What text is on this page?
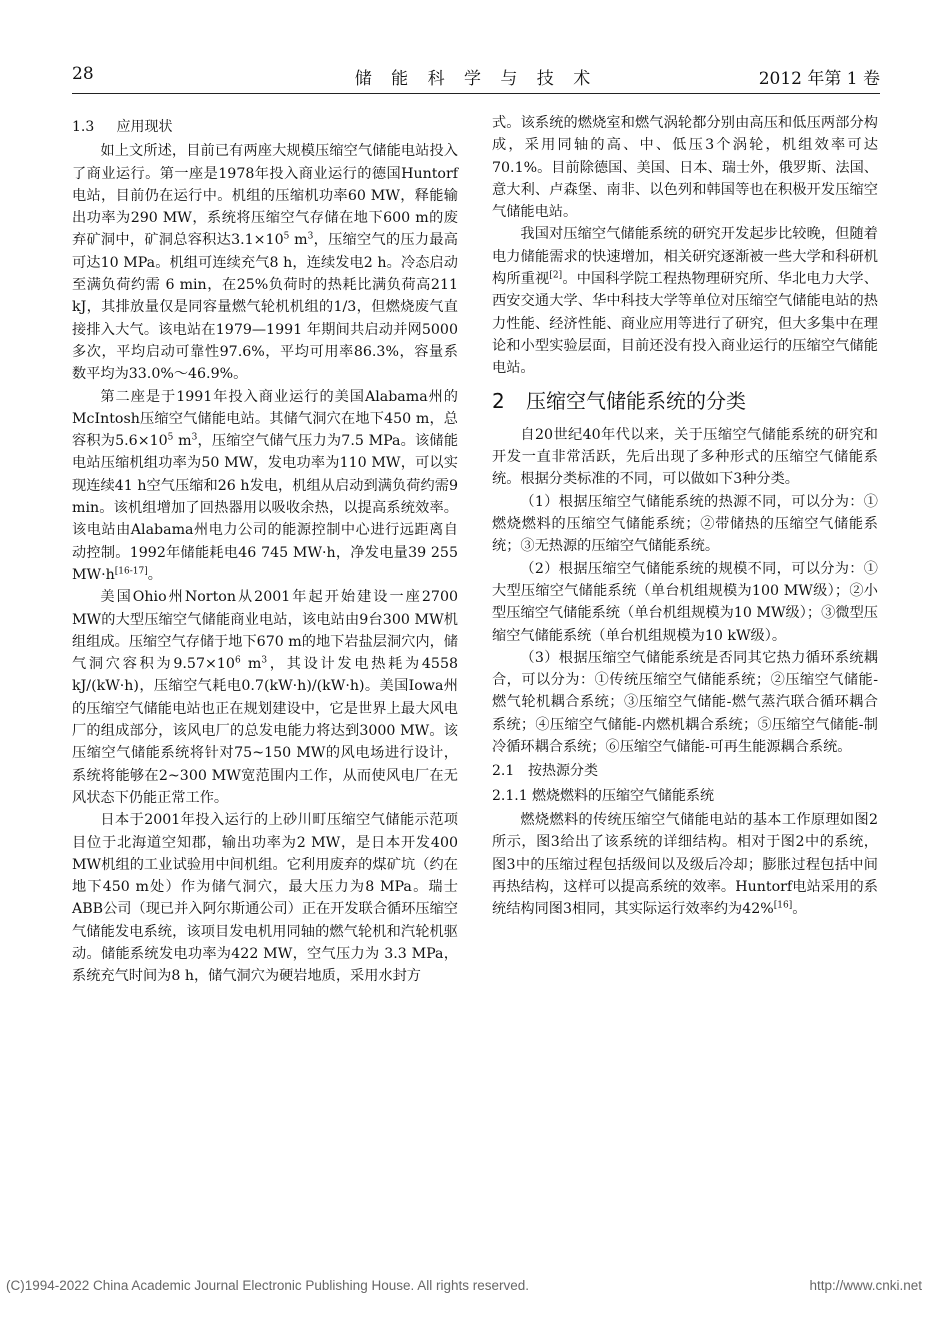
28	储 能 科 学 与 技 术	2012 年第 1 卷
1.3 应用现状

如上文所述，目前已有两座大规模压缩空气储能电站投入了商业运行。第一座是1978年投入商业运行的德国Huntorf电站，目前仍在运行中。机组的压缩机功率60 MW，释能输出功率为290 MW，系统将压缩空气存储在地下600 m的废弃矿洞中，矿洞总容积达$3.1\times 10^5$ $m^3$，压缩空气的压力最高可达10 MPa。机组可连续充气8 h，连续发电2 h。冷态启动至满负荷约需 6 min，在25%负荷时的热耗比满负荷高211 kJ，其排放量仅是同容量燃气轮机机组的1/3，但燃烧废气直接排入大气。该电站在1979—1991 年期间共启动并网5000多次，平均启动可靠性97.6%，平均可用率86.3%，容量系数平均为33.0%～46.9%。

第二座是于1991年投入商业运行的美国Alabama州的McIntosh压缩空气储能电站。其储气洞穴在地下450 m，总容积为$5.6\times 10^5$ $m^3$，压缩空气储气压力为7.5 MPa。该储能电站压缩机组功率为50 MW，发电功率为110 MW，可以实现连续41 h空气压缩和26 h发电，机组从启动到满负荷约需9 min。该机组增加了回热器用以吸收余热，以提高系统效率。该电站由Alabama州电力公司的能源控制中心进行远距离自动控制。1992年储能耗电46 745 MW·h，净发电量39 255 MW·h[16-17]。

美国Ohio州Norton从2001年起开始建设一座2700 MW的大型压缩空气储能商业电站，该电站由9台300 MW机组组成。压缩空气存储于地下670 m的地下岩盐层洞穴内，储气洞穴容积为$9.57\times 10^6$ $m^3$，其设计发电热耗为4558 kJ/(kW·h)，压缩空气耗电0.7(kW·h)/(kW·h)。美国Iowa州的压缩空气储能电站也正在规划建设中，它是世界上最大风电厂的组成部分，该风电厂的总发电能力将达到3000 MW。该压缩空气储能系统将针对75~150 MW的风电场进行设计，系统将能够在2~300 MW宽范围内工作，从而使风电厂在无风状态下仍能正常工作。

日本于2001年投入运行的上砂川町压缩空气储能示范项目位于北海道空知郡，输出功率为2 MW，是日本开发400 MW机组的工业试验用中间机组。它利用废弃的煤矿坑（约在地下450 m处）作为储气洞穴，最大压力为8 MPa。瑞士ABB公司（现已并入阿尔斯通公司）正在开发联合循环压缩空气储能发电系统，该项目发电机用同轴的燃气轮机和汽轮机驱动。储能系统发电功率为422 MW，空气压力为 3.3 MPa，系统充气时间为8 h，储气洞穴为硬岩地质，采用水封方

式。该系统的燃烧室和燃气涡轮都分别由高压和低压两部分构成，采用同轴的高、中、低压3个涡轮，机组效率可达70.1%。目前除德国、美国、日本、瑞士外，俄罗斯、法国、意大利、卢森堡、南非、以色列和韩国等也在积极开发压缩空气储能电站。

我国对压缩空气储能系统的研究开发起步比较晚，但随着电力储能需求的快速增加，相关研究逐渐被一些大学和科研机构所重视[2]。中国科学院工程热物理研究所、华北电力大学、西安交通大学、华中科技大学等单位对压缩空气储能电站的热力性能、经济性能、商业应用等进行了研究，但大多集中在理论和小型实验层面，目前还没有投入商业运行的压缩空气储能电站。

2 压缩空气储能系统的分类

自20世纪40年代以来，关于压缩空气储能系统的研究和开发一直非常活跃，先后出现了多种形式的压缩空气储能系统。根据分类标准的不同，可以做如下3种分类。

（1）根据压缩空气储能系统的热源不同，可以分为：①燃烧燃料的压缩空气储能系统；②带储热的压缩空气储能系统；③无热源的压缩空气储能系统。

（2）根据压缩空气储能系统的规模不同，可以分为：①大型压缩空气储能系统（单台机组规模为100 MW级）；②小型压缩空气储能系统（单台机组规模为10 MW级）；③微型压缩空气储能系统（单台机组规模为10 kW级）。

（3）根据压缩空气储能系统是否同其它热力循环系统耦合，可以分为：①传统压缩空气储能系统；②压缩空气储能-燃气轮机耦合系统；③压缩空气储能-燃气蒸汽联合循环耦合系统；④压缩空气储能-内燃机耦合系统；⑤压缩空气储能-制冷循环耦合系统；⑥压缩空气储能-可再生能源耦合系统。

2.1 按热源分类
2.1.1 燃烧燃料的压缩空气储能系统

燃烧燃料的传统压缩空气储能电站的基本工作原理如图2所示，图3给出了该系统的详细结构。相对于图2中的系统，图3中的压缩过程包括级间以及级后冷却；膨胀过程包括中间再热结构，这样可以提高系统的效率。Huntorf电站采用的系统结构同图3相同，其实际运行效率约为42%[16]。

(C)1994-2022 China Academic Journal Electronic Publishing House. All rights reserved.	http://www.cnki.net
